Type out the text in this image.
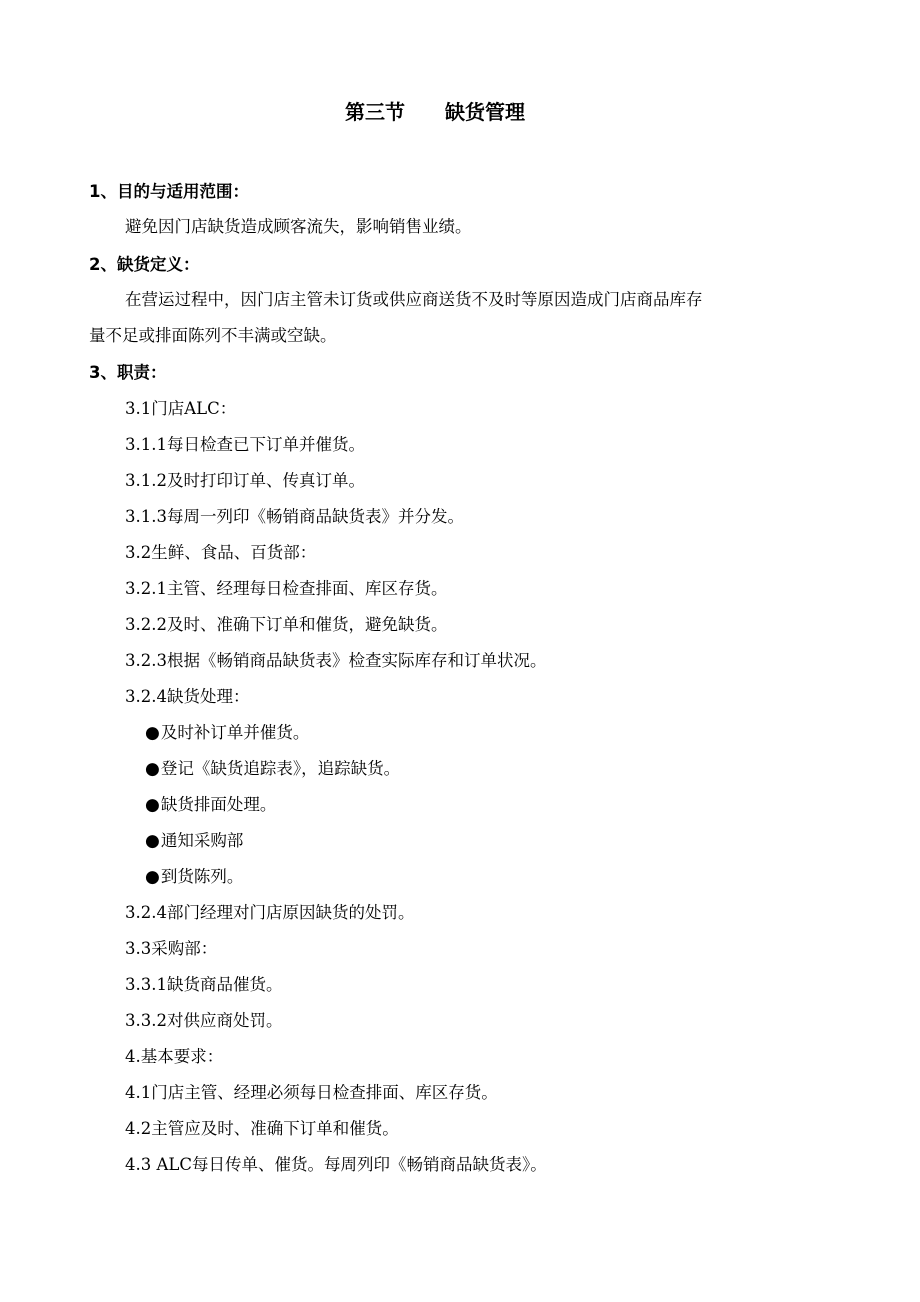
第三节　　缺货管理
1、目的与适用范围：
避免因门店缺货造成顾客流失，影响销售业绩。
2、缺货定义：
在营运过程中，因门店主管未订货或供应商送货不及时等原因造成门店商品库存
量不足或排面陈列不丰满或空缺。
3、职责：
3.1门店ALC：
3.1.1每日检查已下订单并催货。
3.1.2及时打印订单、传真订单。
3.1.3每周一列印《畅销商品缺货表》并分发。
3.2生鲜、食品、百货部：
3.2.1主管、经理每日检查排面、库区存货。
3.2.2及时、准确下订单和催货，避免缺货。
3.2.3根据《畅销商品缺货表》检查实际库存和订单状况。
3.2.4缺货处理：
●及时补订单并催货。
●登记《缺货追踪表》，追踪缺货。
●缺货排面处理。
●通知采购部
●到货陈列。
3.2.4部门经理对门店原因缺货的处罚。
3.3采购部：
3.3.1缺货商品催货。
3.3.2对供应商处罚。
4.基本要求：
4.1门店主管、经理必须每日检查排面、库区存货。
4.2主管应及时、准确下订单和催货。
4.3 ALC每日传单、催货。每周列印《畅销商品缺货表》。
